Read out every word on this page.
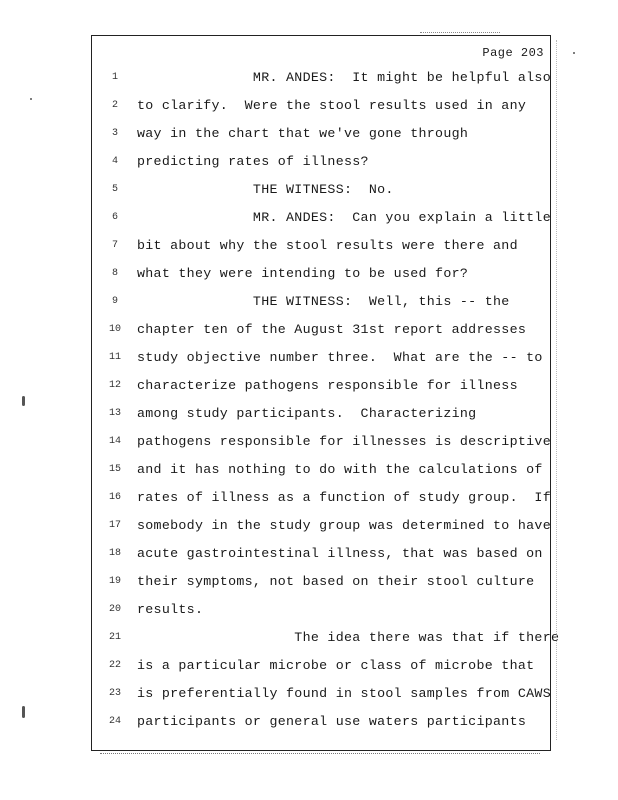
Page 203
1	MR. ANDES:  It might be helpful also
2	to clarify.  Were the stool results used in any
3	way in the chart that we've gone through
4	predicting rates of illness?
5	THE WITNESS:  No.
6	MR. ANDES:  Can you explain a little
7	bit about why the stool results were there and
8	what they were intending to be used for?
9	THE WITNESS:  Well, this -- the
10	chapter ten of the August 31st report addresses
11	study objective number three.  What are the -- to
12	characterize pathogens responsible for illness
13	among study participants.  Characterizing
14	pathogens responsible for illnesses is descriptive
15	and it has nothing to do with the calculations of
16	rates of illness as a function of study group.  If
17	somebody in the study group was determined to have
18	acute gastrointestinal illness, that was based on
19	their symptoms, not based on their stool culture
20	results.
21	The idea there was that if there
22	is a particular microbe or class of microbe that
23	is preferentially found in stool samples from CAWS
24	participants or general use waters participants
